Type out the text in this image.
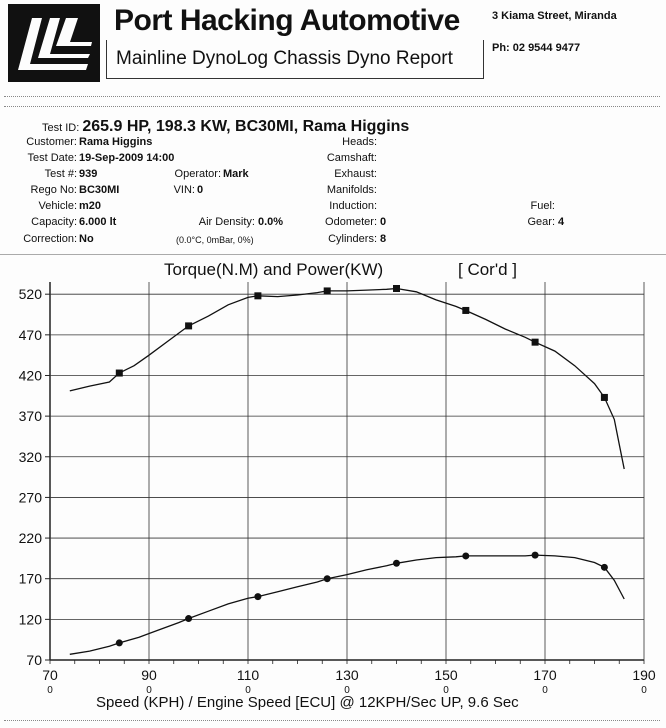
Port Hacking Automotive
Mainline DynoLog Chassis Dyno Report
3 Kiama Street, Miranda
Ph: 02 9544 9477
Test ID: 265.9 HP, 198.3 KW, BC30MI, Rama Higgins
Customer: Rama Higgins
Test Date: 19-Sep-2009 14:00
Test #: 939	Operator: Mark
Rego No: BC30MI	VIN: 0
Vehicle: m20
Capacity: 6.000 lt	Air Density: 0.0%
Correction: No	(0.0°C, 0mBar, 0%)
Heads:
Camshaft:
Exhaust:
Manifolds:
Induction:
Odometer: 0
Cylinders: 8
Fuel:
Gear: 4
Torque(N.M) and Power(KW)	[ Cor'd ]
70
120
170
220
270
320
370
420
470
520
70
0
90
0
110
0
130
0
150
0
170
0
190
0
Speed (KPH) / Engine Speed [ECU] @ 12KPH/Sec UP, 9.6 Sec
